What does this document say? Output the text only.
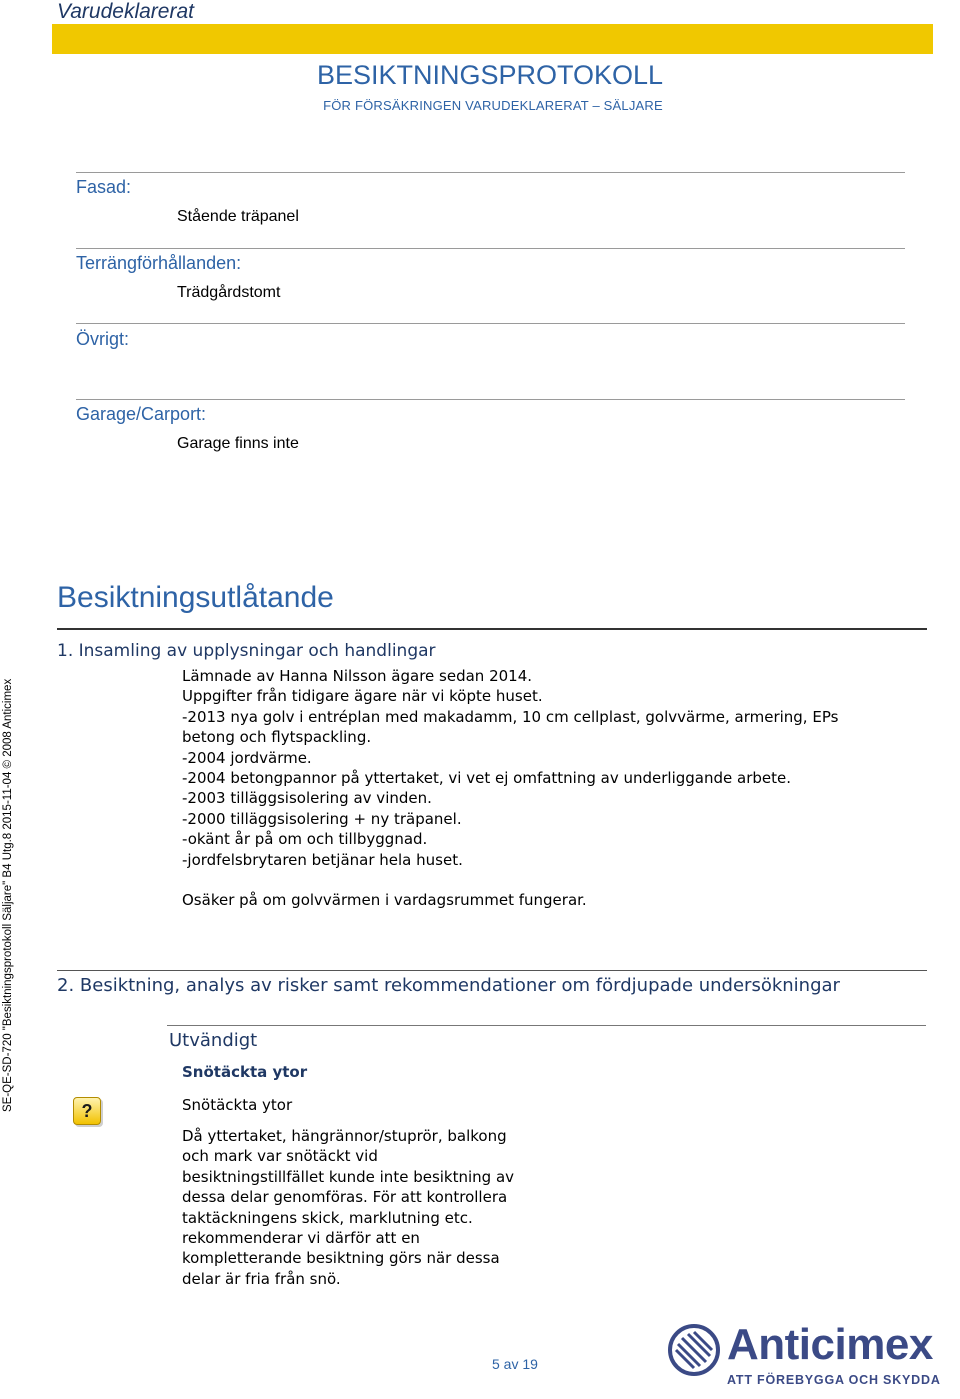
Varudeklarerat
BESIKTNINGSPROTOKOLL
FÖR FÖRSÄKRINGEN VARUDEKLARERAT – SÄLJARE
Fasad:
Stående träpanel
Terrängförhållanden:
Trädgårdstomt
Övrigt:
Garage/Carport:
Garage finns inte
Besiktningsutlåtande
1. Insamling av upplysningar och handlingar
Lämnade av Hanna Nilsson ägare sedan 2014.
Uppgifter från tidigare ägare när vi köpte huset.
-2013 nya golv i entréplan med makadamm, 10 cm cellplast, golvvärme, armering, EPs
betong och flytspackling.
-2004 jordvärme.
-2004 betongpannor på yttertaket, vi vet ej omfattning av underliggande arbete.
-2003 tilläggsisolering av vinden.
-2000 tilläggsisolering + ny träpanel.
-okänt år på om och tillbyggnad.
-jordfelsbrytaren betjänar hela huset.
Osäker på om golvvärmen i vardagsrummet fungerar.
2. Besiktning, analys av risker samt rekommendationer om fördjupade undersökningar
Utvändigt
Snötäckta ytor
?	Snötäckta ytor
Då yttertaket, hängrännor/stuprör, balkong
och mark var snötäckt vid
besiktningstillfället kunde inte besiktning av
dessa delar genomföras. För att kontrollera
taktäckningens skick, marklutning etc.
rekommenderar vi därför att en
kompletterande besiktning görs när dessa
delar är fria från snö.
SE-QE-SD-720 "Besiktningsprotokoll Säljare" B4 Utg.8 2015-11-04 © 2008 Anticimex
5 av 19	Anticimex
ATT FÖREBYGGA OCH SKYDDA
